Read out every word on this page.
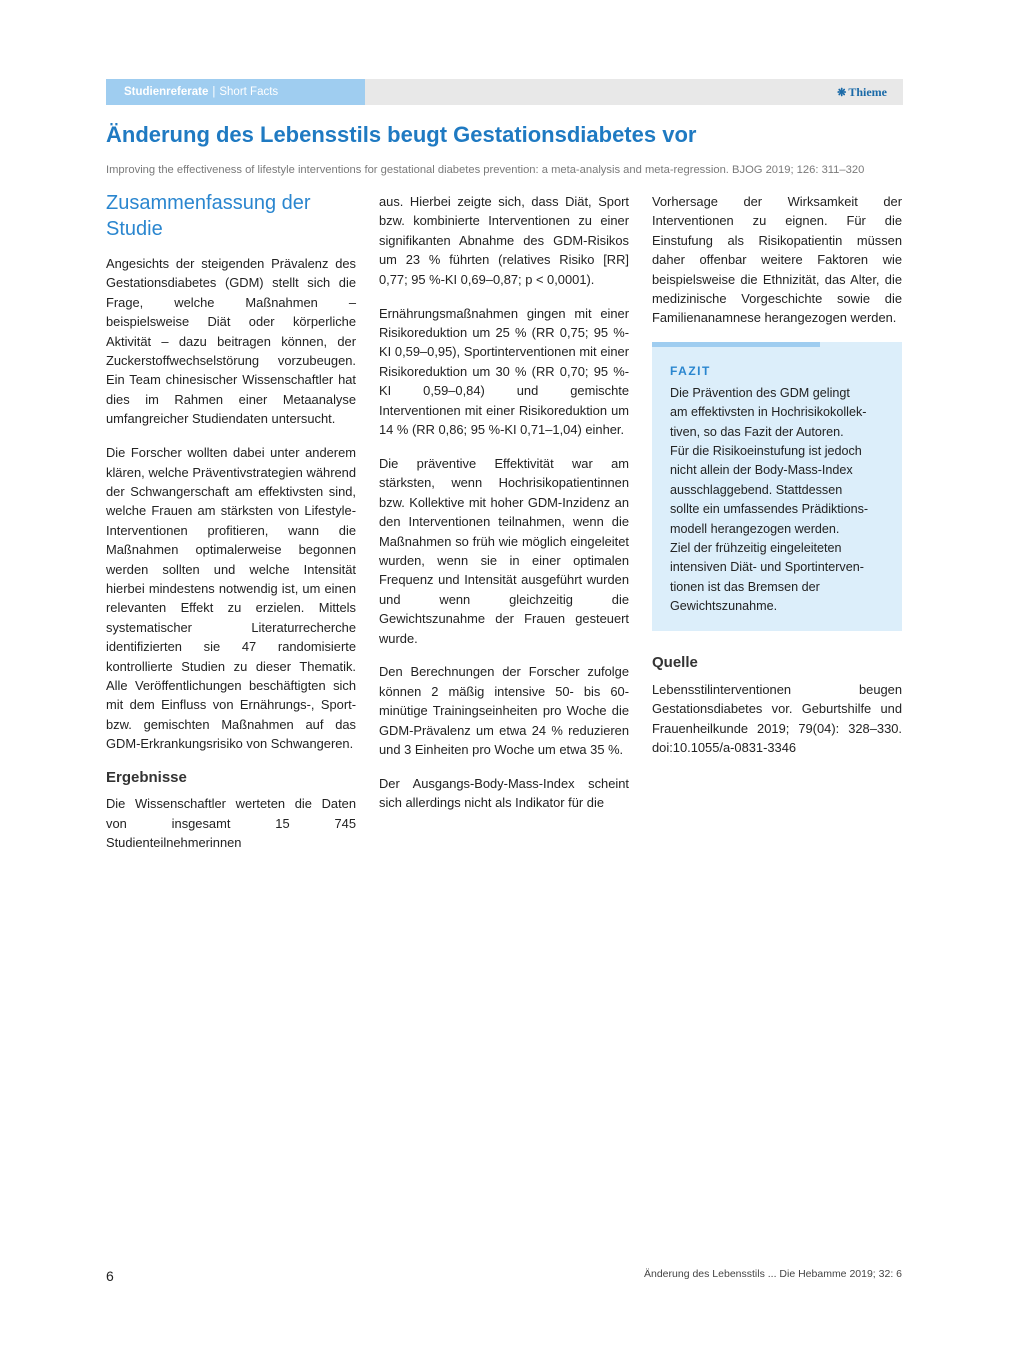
Studienreferate | Short Facts	❋ Thieme
Änderung des Lebensstils beugt Gestationsdiabetes vor
Improving the effectiveness of lifestyle interventions for gestational diabetes prevention: a meta-analysis and meta-regression. BJOG 2019; 126: 311–320
Zusammenfassung der Studie

Angesichts der steigenden Prävalenz des Gestationsdiabetes (GDM) stellt sich die Frage, welche Maßnahmen – beispielsweise Diät oder körperliche Aktivität – dazu beitragen können, der Zuckerstoffwechselstörung vorzubeugen. Ein Team chinesischer Wissenschaftler hat dies im Rahmen einer Metaanalyse umfangreicher Studiendaten untersucht.

Die Forscher wollten dabei unter anderem klären, welche Präventivstrategien während der Schwangerschaft am effektivsten sind, welche Frauen am stärksten von Lifestyle-Interventionen profitieren, wann die Maßnahmen optimalerweise begonnen werden sollten und welche Intensität hierbei mindestens notwendig ist, um einen relevanten Effekt zu erzielen. Mittels systematischer Literaturrecherche identifizierten sie 47 randomisierte kontrollierte Studien zu dieser Thematik. Alle Veröffentlichungen beschäftigten sich mit dem Einfluss von Ernährungs-, Sport- bzw. gemischten Maßnahmen auf das GDM-Erkrankungsrisiko von Schwangeren.

Ergebnisse

Die Wissenschaftler werteten die Daten von insgesamt 15 745 Studienteilnehmerinnen

aus. Hierbei zeigte sich, dass Diät, Sport bzw. kombinierte Interventionen zu einer signifikanten Abnahme des GDM-Risikos um 23 % führten (relatives Risiko [RR] 0,77; 95 %-KI 0,69–0,87; p < 0,0001).

Ernährungsmaßnahmen gingen mit einer Risikoreduktion um 25 % (RR 0,75; 95 %-KI 0,59–0,95), Sportinterventionen mit einer Risikoreduktion um 30 % (RR 0,70; 95 %-KI 0,59–0,84) und gemischte Interventionen mit einer Risikoreduktion um 14 % (RR 0,86; 95 %-KI 0,71–1,04) einher.

Die präventive Effektivität war am stärksten, wenn Hochrisikopatientinnen bzw. Kollektive mit hoher GDM-Inzidenz an den Interventionen teilnahmen, wenn die Maßnahmen so früh wie möglich eingeleitet wurden, wenn sie in einer optimalen Frequenz und Intensität ausgeführt wurden und wenn gleichzeitig die Gewichtszunahme der Frauen gesteuert wurde.

Den Berechnungen der Forscher zufolge können 2 mäßig intensive 50- bis 60-minütige Trainingseinheiten pro Woche die GDM-Prävalenz um etwa 24 % reduzieren und 3 Einheiten pro Woche um etwa 35 %.

Der Ausgangs-Body-Mass-Index scheint sich allerdings nicht als Indikator für die

Vorhersage der Wirksamkeit der Interventionen zu eignen. Für die Einstufung als Risikopatientin müssen daher offenbar weitere Faktoren wie beispielsweise die Ethnizität, das Alter, die medizinische Vorgeschichte sowie die Familienanamnese herangezogen werden.

FAZIT
Die Prävention des GDM gelingt
am effektivsten in Hochrisikokollek-
tiven, so das Fazit der Autoren.
Für die Risikoeinstufung ist jedoch
nicht allein der Body-Mass-Index
ausschlaggebend. Stattdessen
sollte ein umfassendes Prädiktions-
modell herangezogen werden.
Ziel der frühzeitig eingeleiteten
intensiven Diät- und Sportinterven-
tionen ist das Bremsen der
Gewichtszunahme.
Quelle

Lebensstilinterventionen beugen Gestationsdiabetes vor. Geburtshilfe und Frauenheilkunde 2019; 79(04): 328–330. doi:10.1055/a-0831-3346

6	Änderung des Lebensstils ... Die Hebamme 2019; 32: 6
